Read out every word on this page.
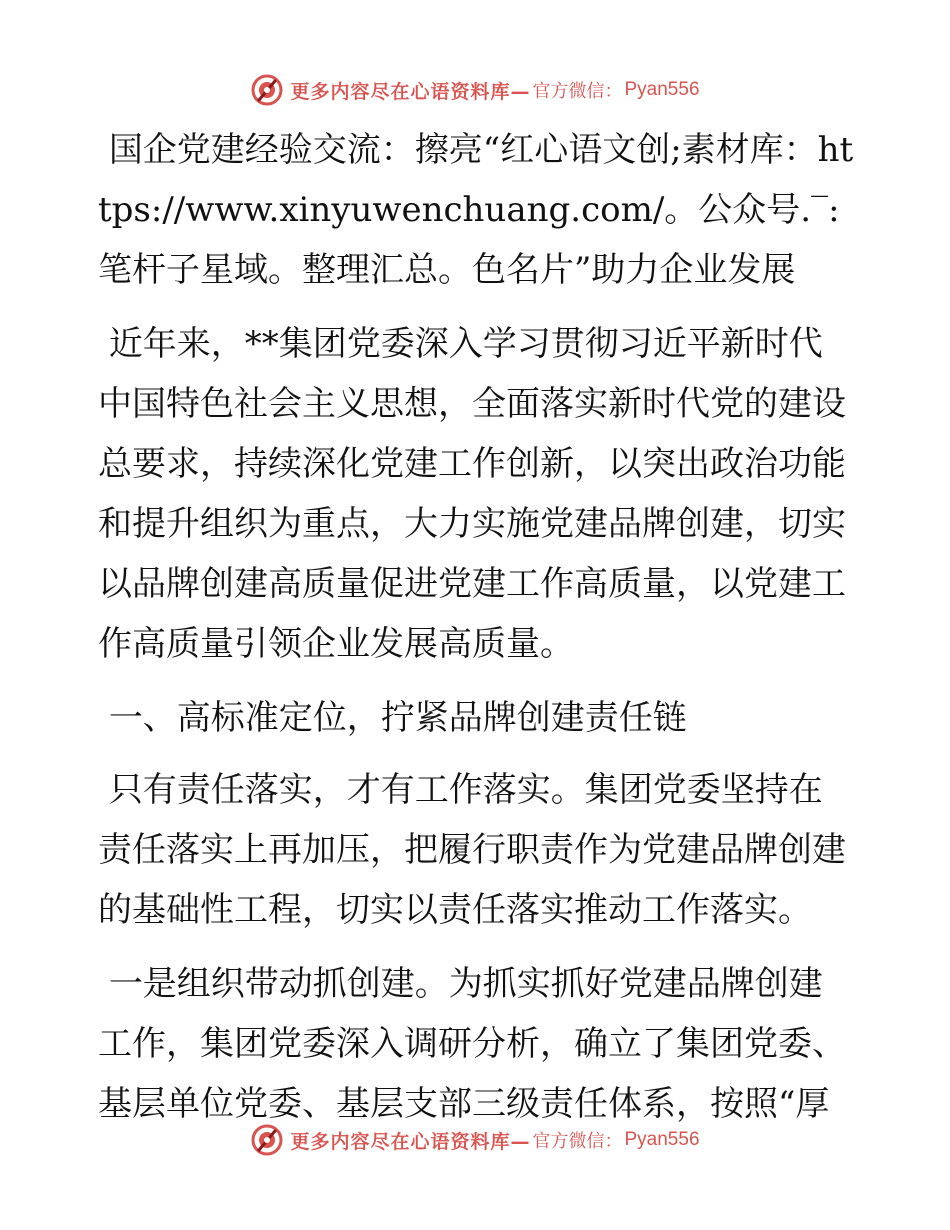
更多内容尽在心语资料库— 官方微信： Pyan556

国企党建经验交流：擦亮“红心语文创;素材库：https://www.xinyuwenchuang.com/。公众号.‾:笔杆子星域。整理汇总。色名片”助力企业发展

近年来，**集团党委深入学习贯彻习近平新时代中国特色社会主义思想，全面落实新时代党的建设总要求，持续深化党建工作创新，以突出政治功能和提升组织为重点，大力实施党建品牌创建，切实以品牌创建高质量促进党建工作高质量，以党建工作高质量引领企业发展高质量。

一、高标准定位，拧紧品牌创建责任链

只有责任落实，才有工作落实。集团党委坚持在责任落实上再加压，把履行职责作为党建品牌创建的基础性工程，切实以责任落实推动工作落实。

一是组织带动抓创建。为抓实抓好党建品牌创建工作，集团党委深入调研分析，确立了集团党委、基层单位党委、基层支部三级责任体系，按照“厚

更多内容尽在心语资料库— 官方微信： Pyan556
